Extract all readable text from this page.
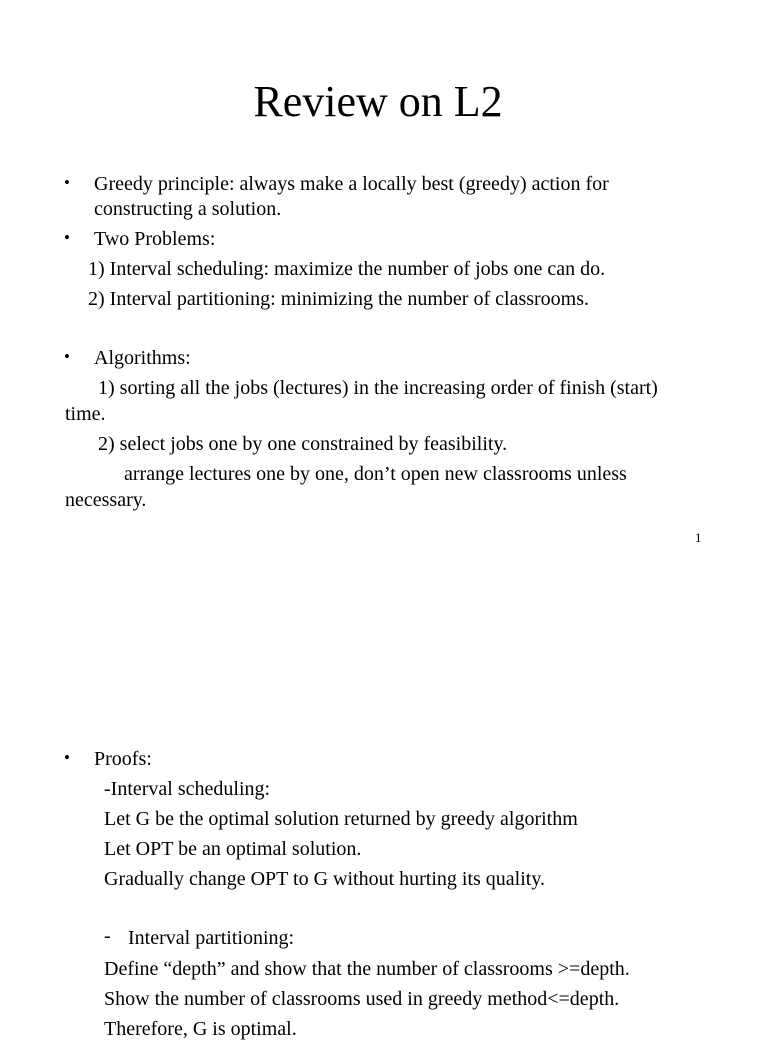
Review on L2
• Greedy principle: always make a locally best (greedy) action for
constructing a solution.
• Two Problems:
1) Interval scheduling: maximize the number of jobs one can do.
2) Interval partitioning: minimizing the number of classrooms.
• Algorithms:
1) sorting all the jobs (lectures) in the increasing order of finish (start)
time.
2) select jobs one by one constrained by feasibility.
arrange lectures one by one, don’t open new classrooms unless
necessary.
1
• Proofs:
-Interval scheduling:
Let G be the optimal solution returned by greedy algorithm
Let OPT be an optimal solution.
Gradually change OPT to G without hurting its quality.
- Interval partitioning:
Define “depth” and show that the number of classrooms >=depth.
Show the number of classrooms used in greedy method<=depth.
Therefore, G is optimal.
